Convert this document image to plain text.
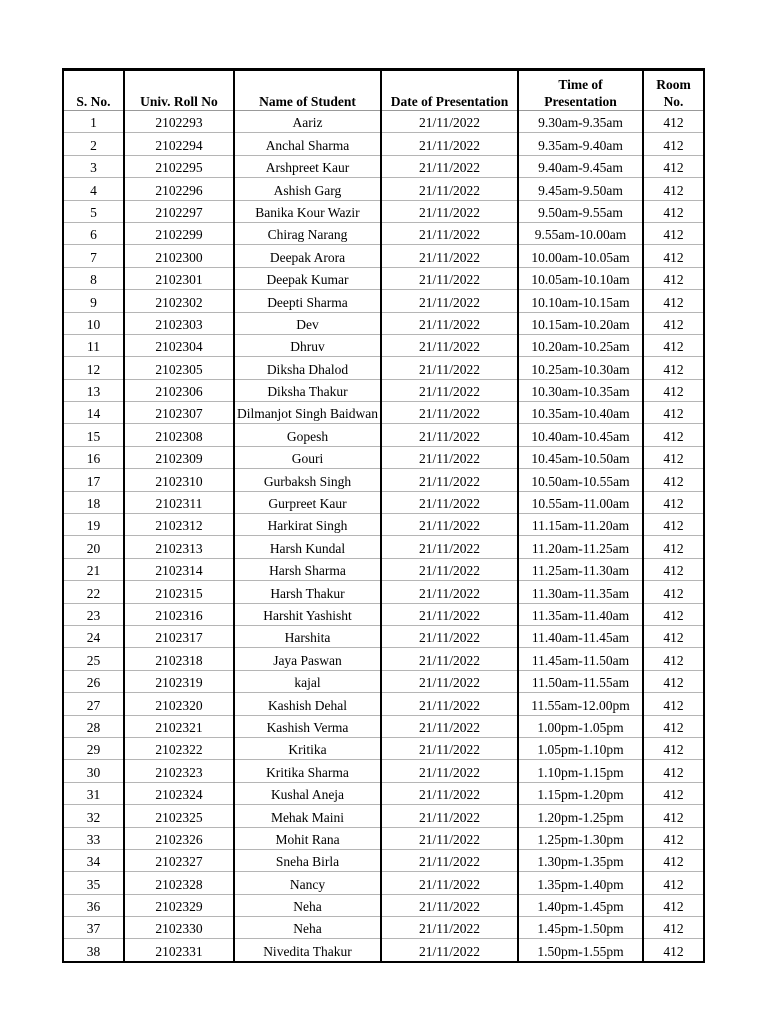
S. No.	Univ. Roll No	Name of Student	Date of Presentation	Time of Presentation	Room No.
1	2102293	Aariz	21/11/2022	9.30am-9.35am	412
2	2102294	Anchal Sharma	21/11/2022	9.35am-9.40am	412
3	2102295	Arshpreet Kaur	21/11/2022	9.40am-9.45am	412
4	2102296	Ashish Garg	21/11/2022	9.45am-9.50am	412
5	2102297	Banika Kour Wazir	21/11/2022	9.50am-9.55am	412
6	2102299	Chirag Narang	21/11/2022	9.55am-10.00am	412
7	2102300	Deepak Arora	21/11/2022	10.00am-10.05am	412
8	2102301	Deepak Kumar	21/11/2022	10.05am-10.10am	412
9	2102302	Deepti Sharma	21/11/2022	10.10am-10.15am	412
10	2102303	Dev	21/11/2022	10.15am-10.20am	412
11	2102304	Dhruv	21/11/2022	10.20am-10.25am	412
12	2102305	Diksha Dhalod	21/11/2022	10.25am-10.30am	412
13	2102306	Diksha Thakur	21/11/2022	10.30am-10.35am	412
14	2102307	Dilmanjot Singh Baidwan	21/11/2022	10.35am-10.40am	412
15	2102308	Gopesh	21/11/2022	10.40am-10.45am	412
16	2102309	Gouri	21/11/2022	10.45am-10.50am	412
17	2102310	Gurbaksh Singh	21/11/2022	10.50am-10.55am	412
18	2102311	Gurpreet Kaur	21/11/2022	10.55am-11.00am	412
19	2102312	Harkirat Singh	21/11/2022	11.15am-11.20am	412
20	2102313	Harsh Kundal	21/11/2022	11.20am-11.25am	412
21	2102314	Harsh Sharma	21/11/2022	11.25am-11.30am	412
22	2102315	Harsh Thakur	21/11/2022	11.30am-11.35am	412
23	2102316	Harshit Yashisht	21/11/2022	11.35am-11.40am	412
24	2102317	Harshita	21/11/2022	11.40am-11.45am	412
25	2102318	Jaya Paswan	21/11/2022	11.45am-11.50am	412
26	2102319	kajal	21/11/2022	11.50am-11.55am	412
27	2102320	Kashish Dehal	21/11/2022	11.55am-12.00pm	412
28	2102321	Kashish Verma	21/11/2022	1.00pm-1.05pm	412
29	2102322	Kritika	21/11/2022	1.05pm-1.10pm	412
30	2102323	Kritika Sharma	21/11/2022	1.10pm-1.15pm	412
31	2102324	Kushal Aneja	21/11/2022	1.15pm-1.20pm	412
32	2102325	Mehak Maini	21/11/2022	1.20pm-1.25pm	412
33	2102326	Mohit Rana	21/11/2022	1.25pm-1.30pm	412
34	2102327	Sneha Birla	21/11/2022	1.30pm-1.35pm	412
35	2102328	Nancy	21/11/2022	1.35pm-1.40pm	412
36	2102329	Neha	21/11/2022	1.40pm-1.45pm	412
37	2102330	Neha	21/11/2022	1.45pm-1.50pm	412
38	2102331	Nivedita Thakur	21/11/2022	1.50pm-1.55pm	412
